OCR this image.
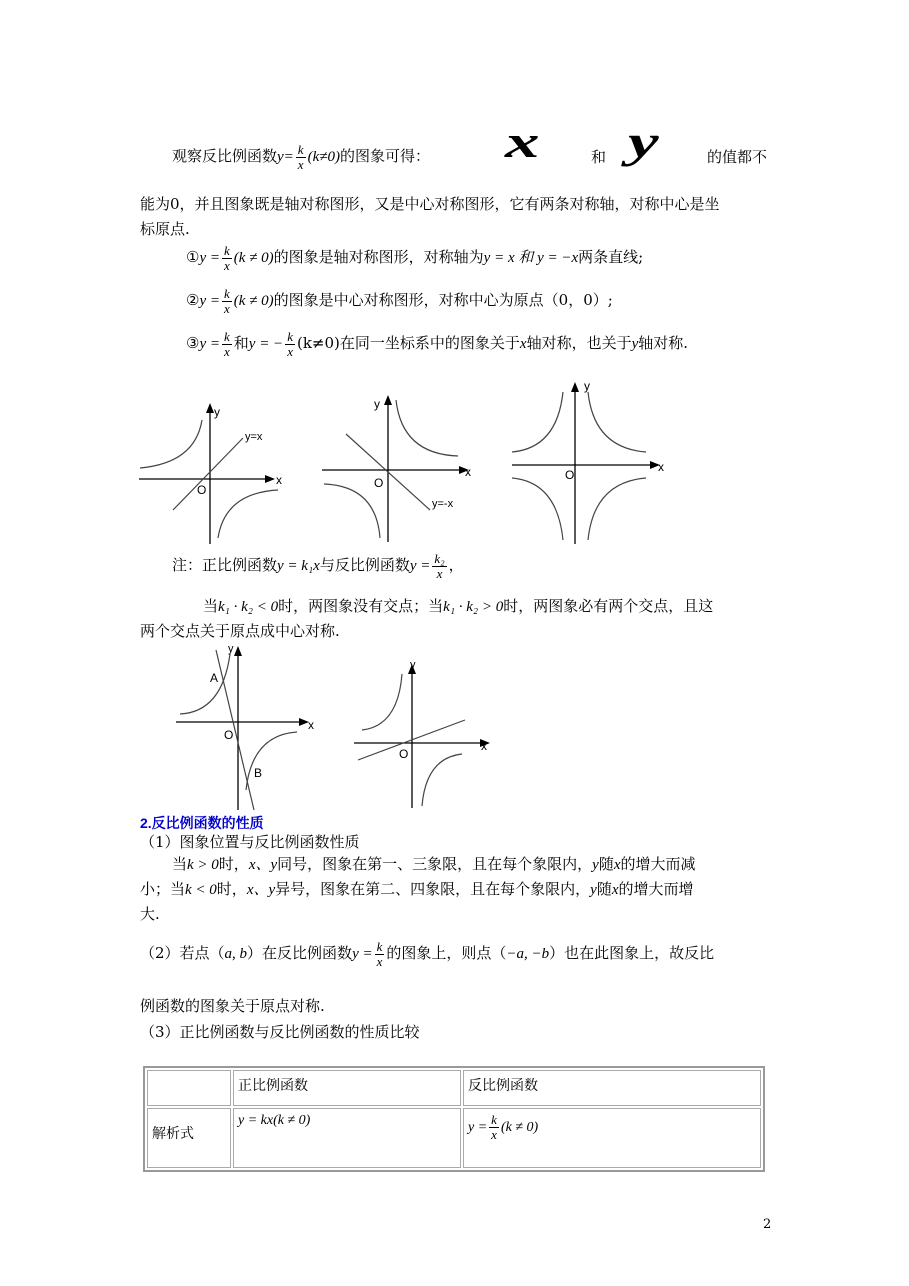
观察反比例函数$y= \frac{k}{x} (k\ne 0)$的图象可得： x	和 y	的值都不
能为0，并且图象既是轴对称图形，又是中心对称图形，它有两条对称轴，对称中心是坐
标原点.
①y = $\frac{k}{x} (k \ne 0)$的图象是轴对称图形，对称轴为y = x 和 y = −x两条直线;
②y = $\frac{k}{x} (k \ne 0)$的图象是中心对称图形，对称中心为原点（0，0）;
③y = $\frac{k}{x}$ 和y = − $\frac{k}{x} (k\ne 0)$在同一坐标系中的图象关于x轴对称，也关于y轴对称.
y
x
O
y=x
y
x
O
y=-x
y
x
O
注：正比例函数y = k₁x与反比例函数$y = \frac{\text{k₂}}{x}$ ，
当k₁ · k₂ < 0时，两图象没有交点；当k₁ · k₂ > 0时，两图象必有两个交点，且这
两个交点关于原点成中心对称.
y
x
O
A
B
y
x
O
2.反比例函数的性质
（1）图象位置与反比例函数性质
当k > 0时，x、y同号，图象在第一、三象限，且在每个象限内，y随x的增大而减
小；当k < 0时，x、y异号，图象在第二、四象限，且在每个象限内，y随x的增大而增
大.
（2）若点（a, b）在反比例函数$y = \frac{k}{x}$ 的图象上，则点（−a, −b）也在此图象上，故反比
例函数的图象关于原点对称.
（3）正比例函数与反比例函数的性质比较
	正比例函数	反比例函数
解析式	y = kx(k ≠ 0)	$y = \frac{k}{x} (k \ne 0)$
2
